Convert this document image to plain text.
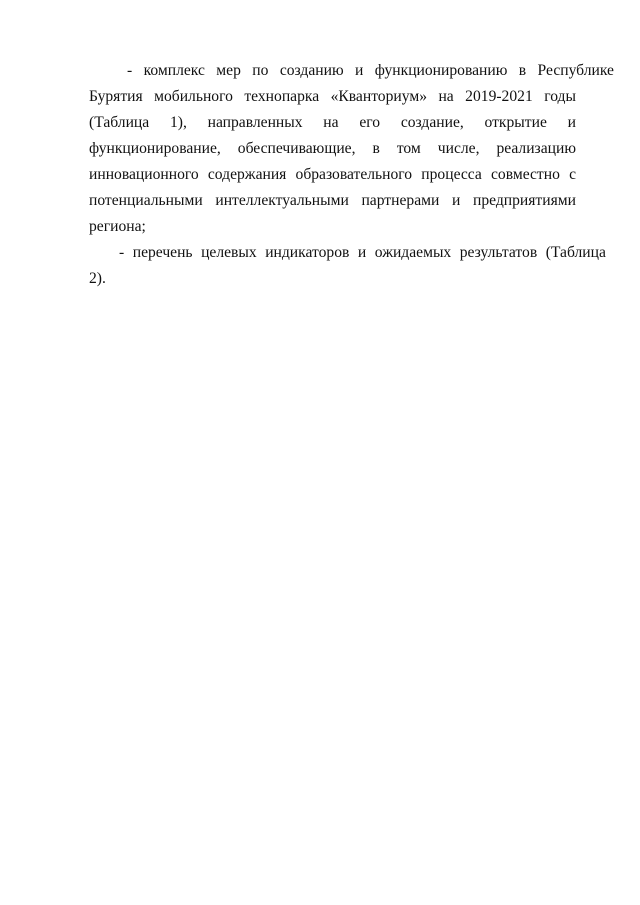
- комплекс мер по созданию и функционированию в Республике
Бурятия мобильного технопарка «Кванториум» на 2019-2021 годы
(Таблица 1), направленных на его создание, открытие и
функционирование, обеспечивающие, в том числе, реализацию
инновационного содержания образовательного процесса совместно с
потенциальными интеллектуальными партнерами и предприятиями
региона;

- перечень целевых индикаторов и ожидаемых результатов (Таблица
2).
